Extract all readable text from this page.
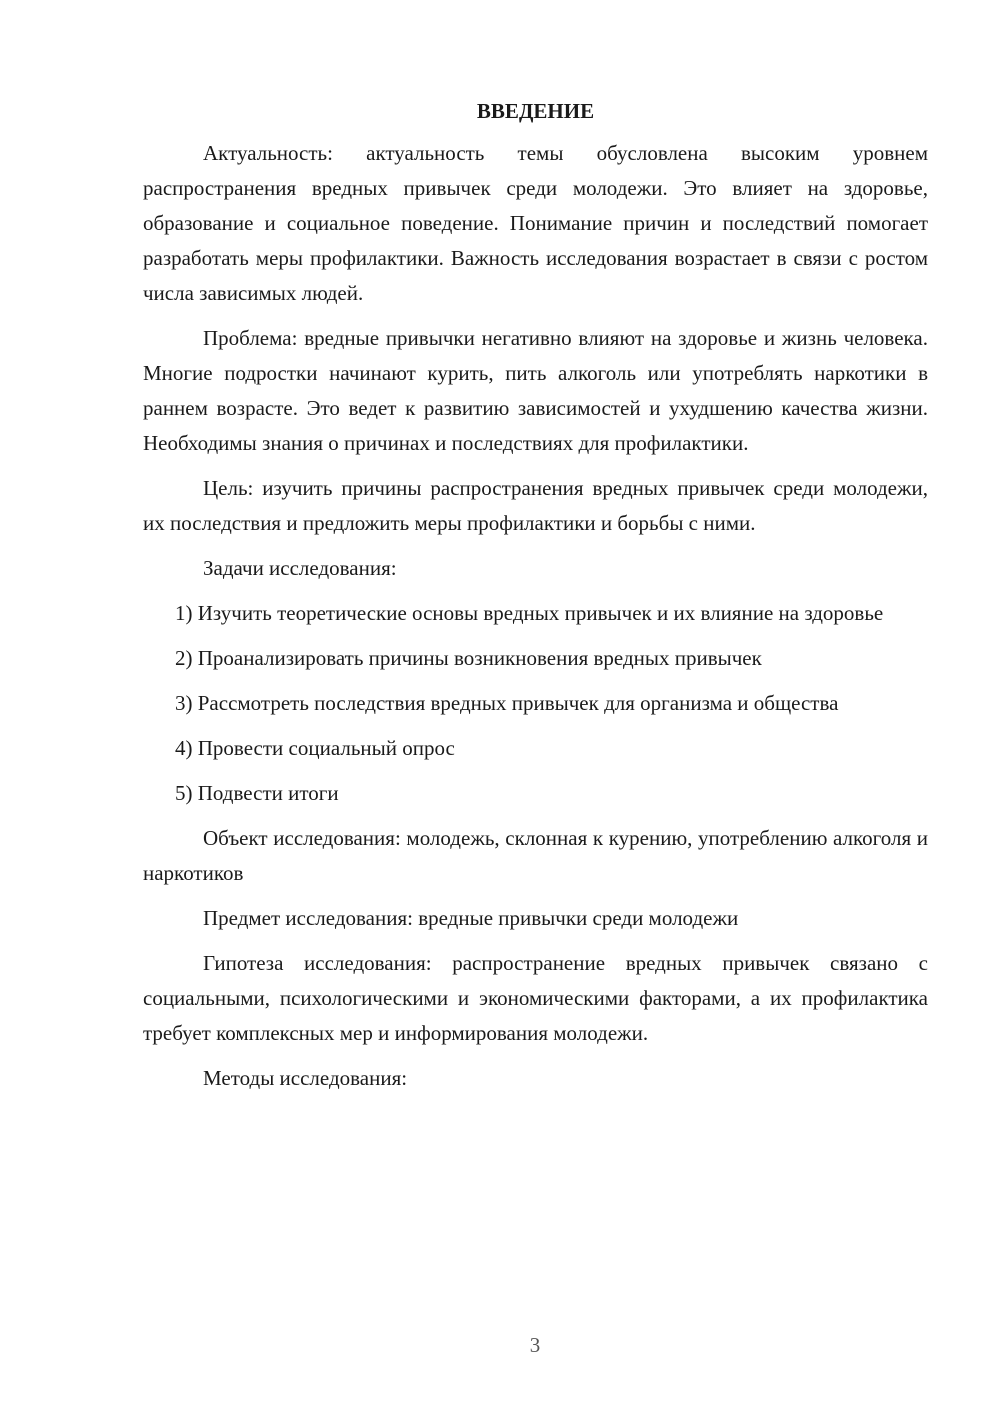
ВВЕДЕНИЕ

Актуальность: актуальность темы обусловлена высоким уровнем распространения вредных привычек среди молодежи. Это влияет на здоровье, образование и социальное поведение. Понимание причин и последствий помогает разработать меры профилактики. Важность исследования возрастает в связи с ростом числа зависимых людей.

Проблема: вредные привычки негативно влияют на здоровье и жизнь человека. Многие подростки начинают курить, пить алкоголь или употреблять наркотики в раннем возрасте. Это ведет к развитию зависимостей и ухудшению качества жизни. Необходимы знания о причинах и последствиях для профилактики.

Цель: изучить причины распространения вредных привычек среди молодежи, их последствия и предложить меры профилактики и борьбы с ними.

Задачи исследования:

1) Изучить теоретические основы вредных привычек и их влияние на здоровье

2) Проанализировать причины возникновения вредных привычек

3) Рассмотреть последствия вредных привычек для организма и общества

4) Провести социальный опрос

5) Подвести итоги

Объект исследования: молодежь, склонная к курению, употреблению алкоголя и наркотиков

Предмет исследования: вредные привычки среди молодежи

Гипотеза исследования: распространение вредных привычек связано с социальными, психологическими и экономическими факторами, а их профилактика требует комплексных мер и информирования молодежи.

Методы исследования:

3
